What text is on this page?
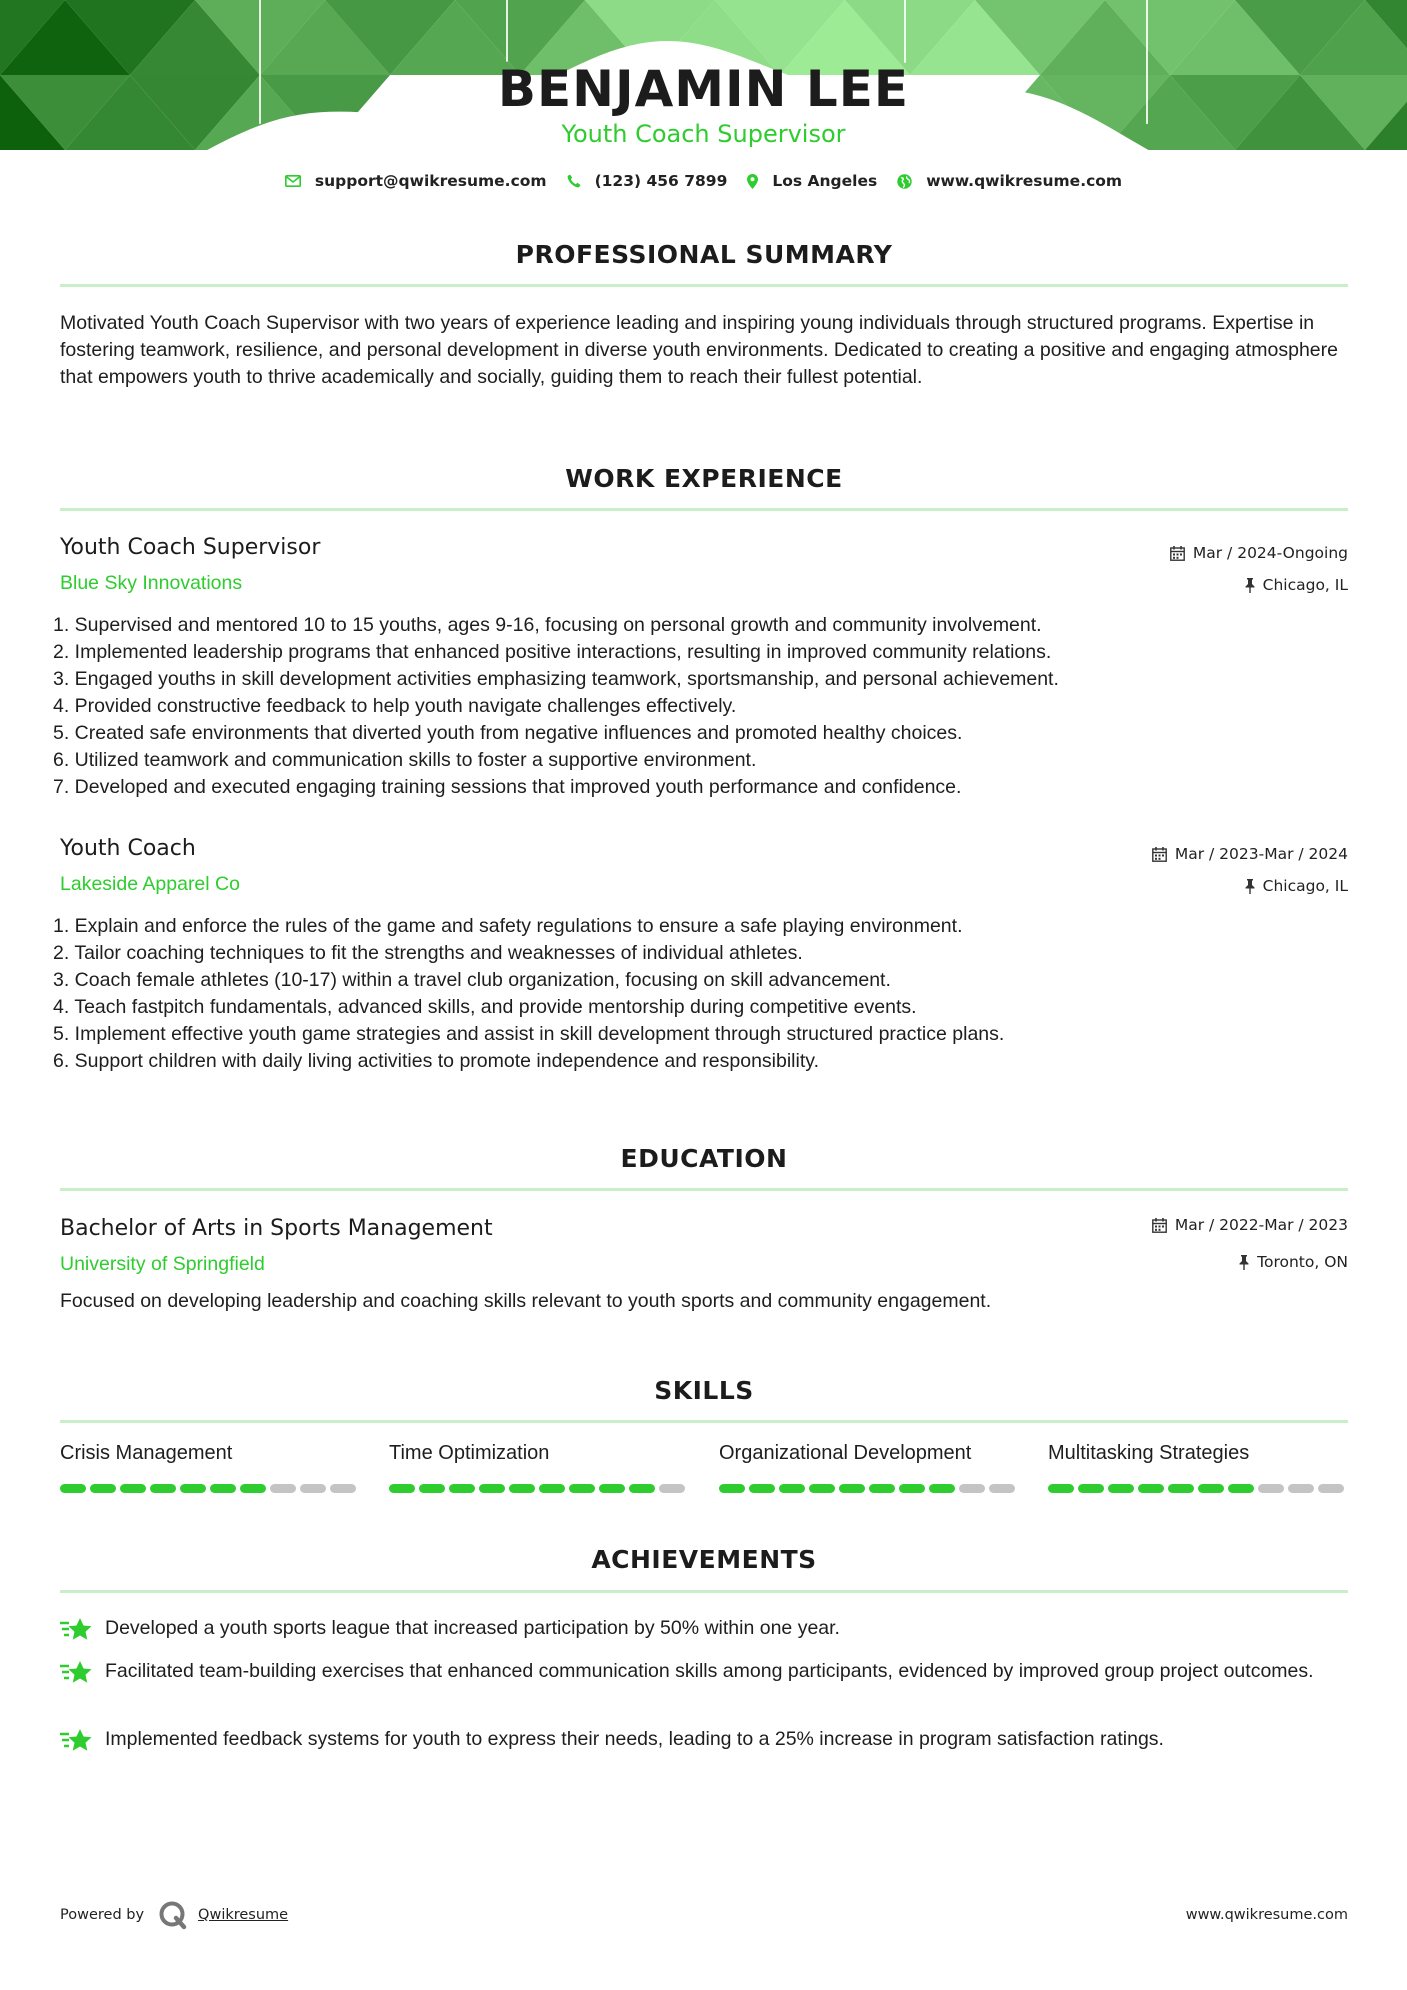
BENJAMIN LEE
Youth Coach Supervisor
support@qwikresume.com	(123) 456 7899	Los Angeles	www.qwikresume.com
PROFESSIONAL SUMMARY
Motivated Youth Coach Supervisor with two years of experience leading and inspiring young individuals through structured programs. Expertise in fostering teamwork, resilience, and personal development in diverse youth environments. Dedicated to creating a positive and engaging atmosphere that empowers youth to thrive academically and socially, guiding them to reach their fullest potential.
WORK EXPERIENCE
Youth Coach Supervisor	Mar / 2024-Ongoing
Blue Sky Innovations	Chicago, IL
1. Supervised and mentored 10 to 15 youths, ages 9-16, focusing on personal growth and community involvement.
2. Implemented leadership programs that enhanced positive interactions, resulting in improved community relations.
3. Engaged youths in skill development activities emphasizing teamwork, sportsmanship, and personal achievement.
4. Provided constructive feedback to help youth navigate challenges effectively.
5. Created safe environments that diverted youth from negative influences and promoted healthy choices.
6. Utilized teamwork and communication skills to foster a supportive environment.
7. Developed and executed engaging training sessions that improved youth performance and confidence.
Youth Coach	Mar / 2023-Mar / 2024
Lakeside Apparel Co	Chicago, IL
1. Explain and enforce the rules of the game and safety regulations to ensure a safe playing environment.
2. Tailor coaching techniques to fit the strengths and weaknesses of individual athletes.
3. Coach female athletes (10-17) within a travel club organization, focusing on skill advancement.
4. Teach fastpitch fundamentals, advanced skills, and provide mentorship during competitive events.
5. Implement effective youth game strategies and assist in skill development through structured practice plans.
6. Support children with daily living activities to promote independence and responsibility.
EDUCATION
Bachelor of Arts in Sports Management	Mar / 2022-Mar / 2023
University of Springfield	Toronto, ON
Focused on developing leadership and coaching skills relevant to youth sports and community engagement.
SKILLS
Crisis Management	Time Optimization	Organizational Development	Multitasking Strategies
ACHIEVEMENTS
Developed a youth sports league that increased participation by 50% within one year.
Facilitated team-building exercises that enhanced communication skills among participants, evidenced by improved group project outcomes.
Implemented feedback systems for youth to express their needs, leading to a 25% increase in program satisfaction ratings.
Powered by	Qwikresume	www.qwikresume.com
